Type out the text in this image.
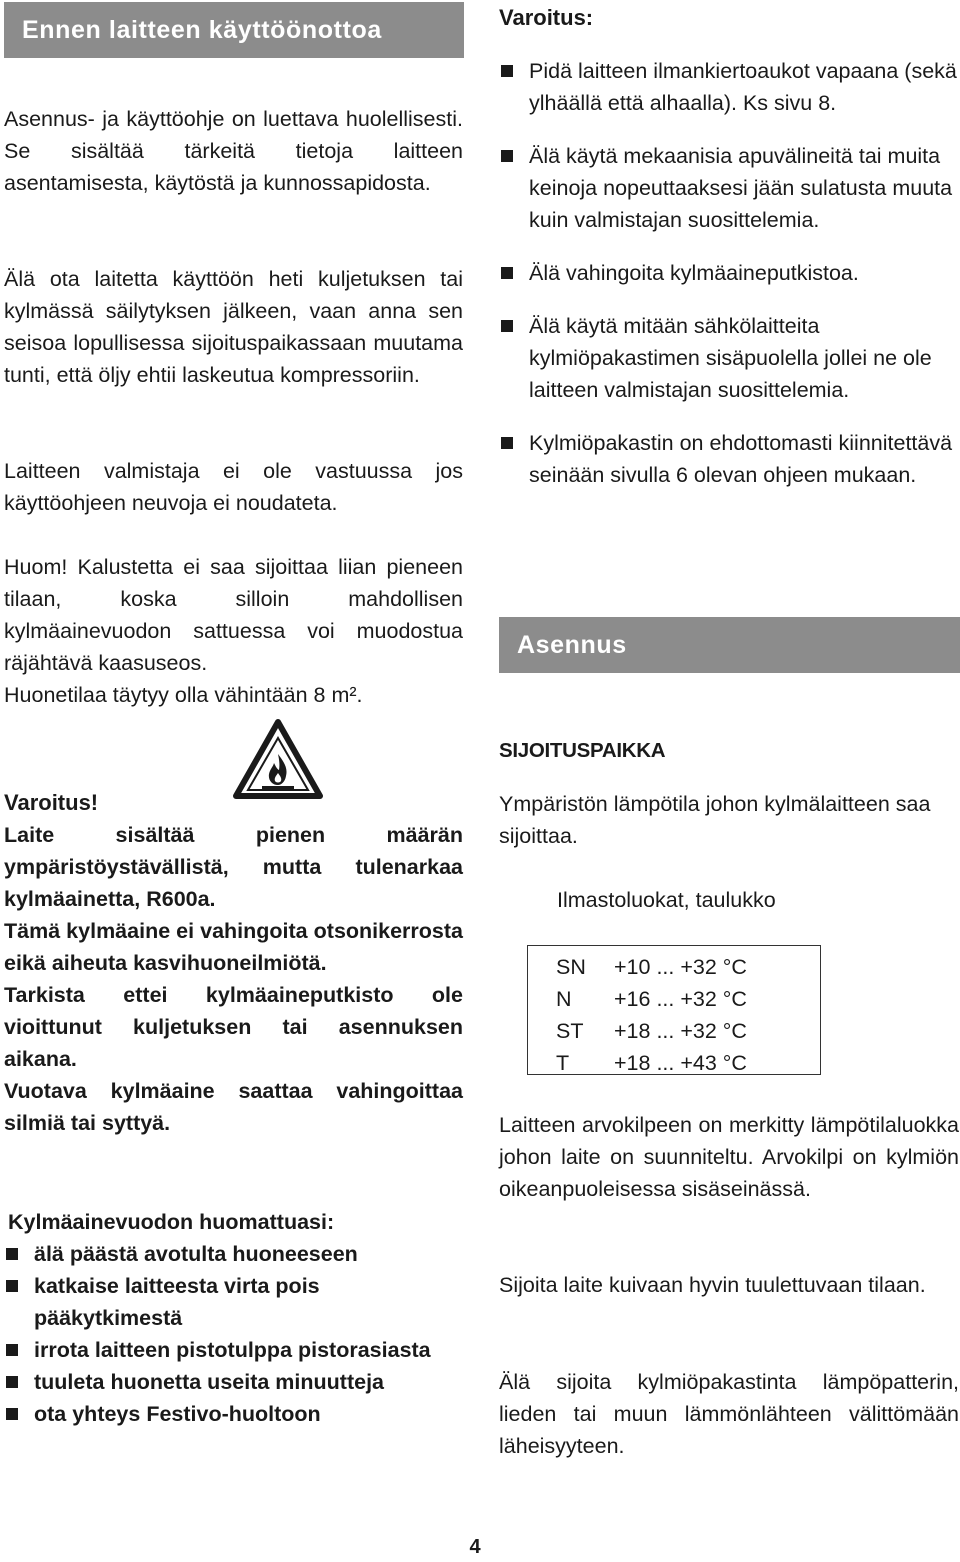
Ennen laitteen käyttöönottoa

Asennus- ja käyttöohje on luettava huolellisesti. Se sisältää tärkeitä tietoja laitteen asentamisesta, käytöstä ja kunnossapidosta.

Älä ota laitetta käyttöön heti kuljetuksen tai kylmässä säilytyksen jälkeen, vaan anna sen seisoa lopullisessa sijoituspaikassaan muutama tunti, että öljy ehtii laskeutua kompressoriin.

Laitteen valmistaja ei ole vastuussa jos käyttöohjeen neuvoja ei noudateta.

Huom! Kalustetta ei saa sijoittaa liian pieneen tilaan, koska silloin mahdollisen kylmäainevuodon sattuessa voi muodostua räjähtävä kaasuseos.

Huonetilaa täytyy olla vähintään 8 m².

Varoitus!

Laite sisältää pienen määrän ympäristöystävällistä, mutta tulenarkaa kylmäainetta, R600a.

Tämä kylmäaine ei vahingoita otsonikerrosta eikä aiheuta kasvihuoneilmiötä.

Tarkista ettei kylmäaineputkisto ole vioittunut kuljetuksen tai asennuksen aikana.

Vuotava kylmäaine saattaa vahingoittaa silmiä tai syttyä.

Kylmäainevuodon huomattuasi:

älä päästä avotulta huoneeseen
katkaise laitteesta virta pois pääkytkimestä
irrota laitteen pistotulppa pistorasiasta
tuuleta huonetta useita minuutteja
ota yhteys Festivo-huoltoon

Varoitus:

Pidä laitteen ilmankiertoaukot vapaana (sekä ylhäällä että alhaalla). Ks sivu 8.
Älä käytä mekaanisia apuvälineitä tai muita keinoja nopeuttaaksesi jään sulatusta muuta kuin valmistajan suosittelemia.
Älä vahingoita kylmäaineputkistoa.
Älä käytä mitään sähkölaitteita kylmiöpakastimen sisäpuolella jollei ne ole laitteen valmistajan suosittelemia.
Kylmiöpakastin on ehdottomasti kiinnitettävä seinään sivulla 6 olevan ohjeen mukaan.
Asennus

SIJOITUSPAIKKA

Ympäristön lämpötila johon kylmälaitteen saa sijoittaa.

Ilmastoluokat, taulukko

SN	+10 ... +32 °C
N	+16 ... +32 °C
ST	+18 ... +32 °C
T	+18 ... +43 °C

Laitteen arvokilpeen on merkitty lämpötilaluokka johon laite on suunniteltu. Arvokilpi on kylmiön oikeanpuoleisessa sisäseinässä.

Sijoita laite kuivaan hyvin tuulettuvaan tilaan.

Älä sijoita kylmiöpakastinta lämpöpatterin, lieden tai muun lämmönlähteen välittömään läheisyyteen.

4
